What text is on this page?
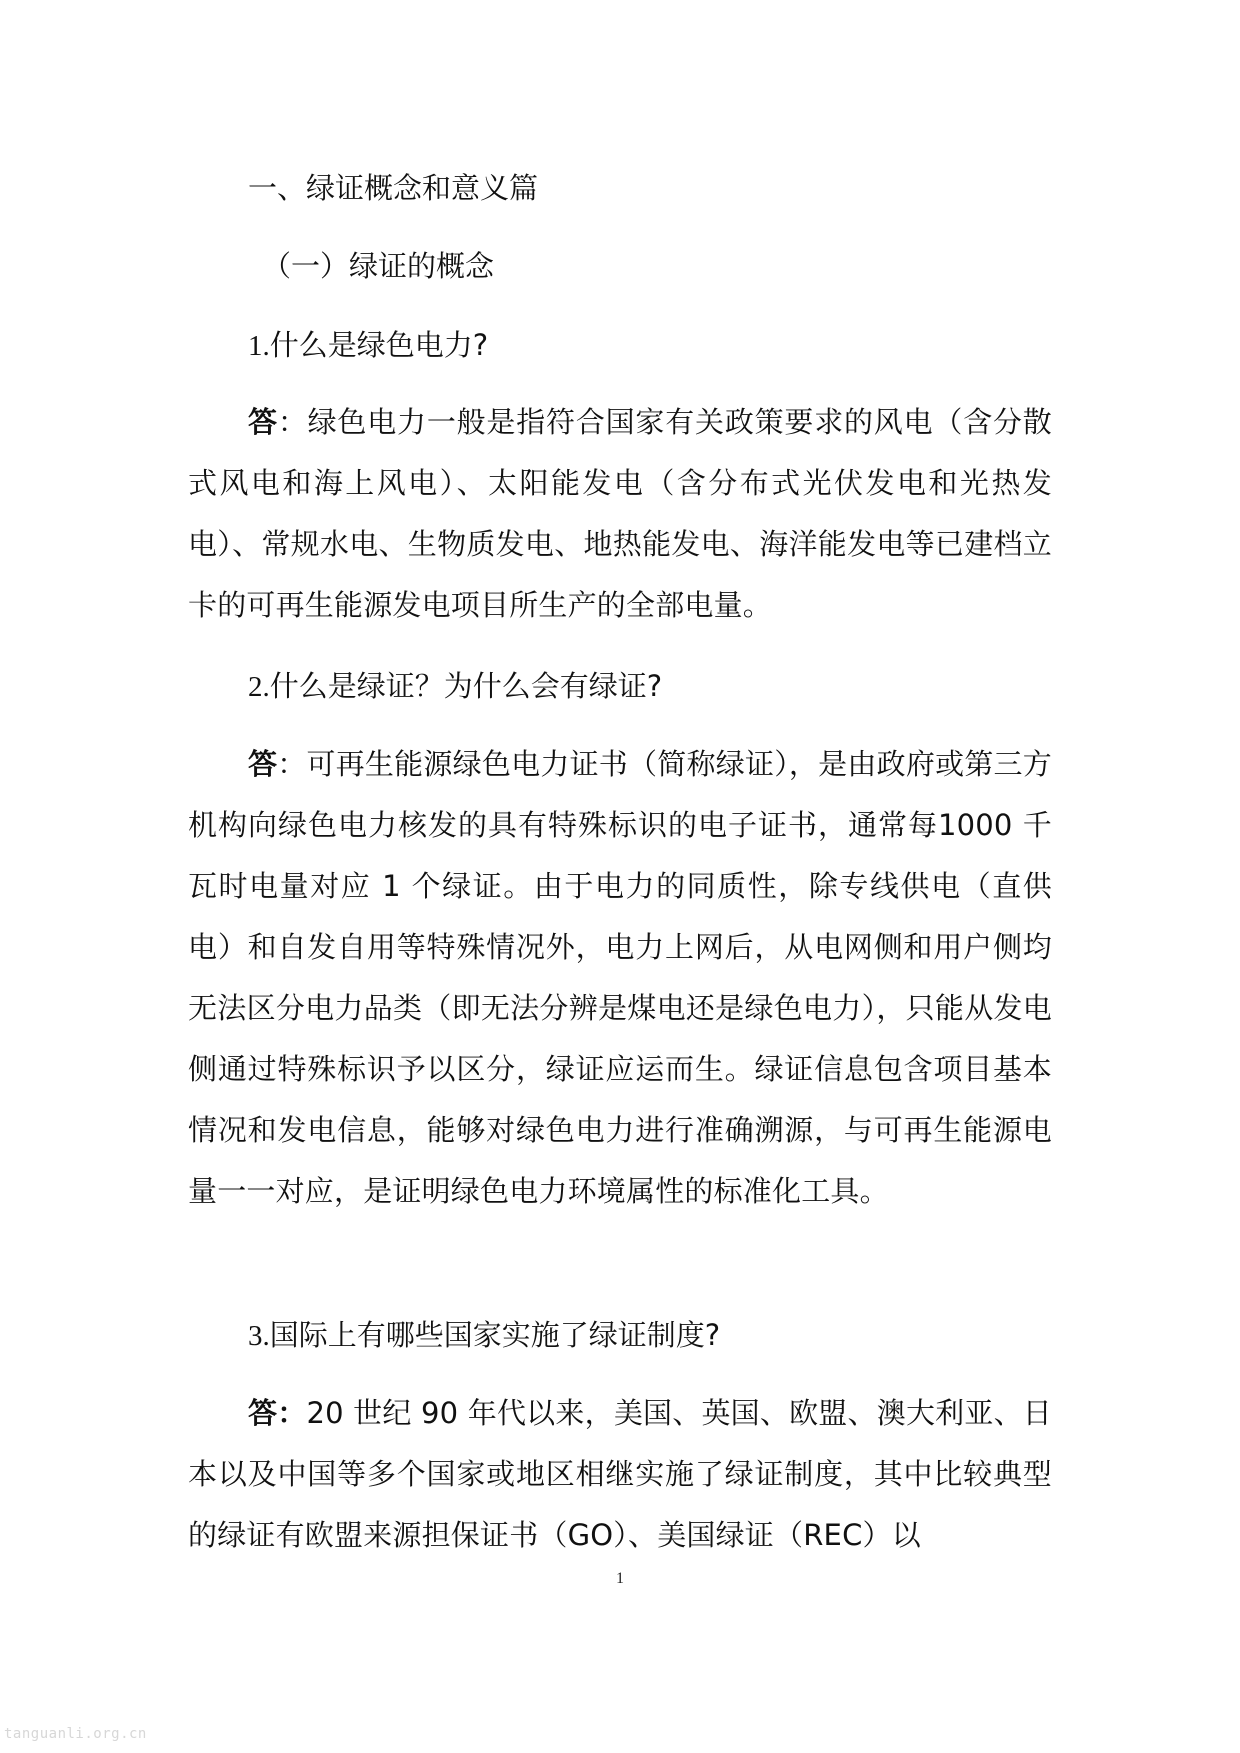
一、绿证概念和意义篇
（一）绿证的概念
1.什么是绿色电力?
答：绿色电力一般是指符合国家有关政策要求的风电（含分散式风电和海上风电）、太阳能发电（含分布式光伏发电和光热发电）、常规水电、生物质发电、地热能发电、海洋能发电等已建档立卡的可再生能源发电项目所生产的全部电量。
2.什么是绿证？为什么会有绿证?
答：可再生能源绿色电力证书（简称绿证），是由政府或第三方机构向绿色电力核发的具有特殊标识的电子证书，通常每1000 千瓦时电量对应 1 个绿证。由于电力的同质性，除专线供电（直供电）和自发自用等特殊情况外，电力上网后，从电网侧和用户侧均无法区分电力品类（即无法分辨是煤电还是绿色电力），只能从发电侧通过特殊标识予以区分，绿证应运而生。绿证信息包含项目基本情况和发电信息，能够对绿色电力进行准确溯源，与可再生能源电量一一对应，是证明绿色电力环境属性的标准化工具。
3.国际上有哪些国家实施了绿证制度?
答：20 世纪 90 年代以来，美国、英国、欧盟、澳大利亚、日本以及中国等多个国家或地区相继实施了绿证制度，其中比较典型的绿证有欧盟来源担保证书（GO）、美国绿证（REC）以
1
tanguanli.org.cn
